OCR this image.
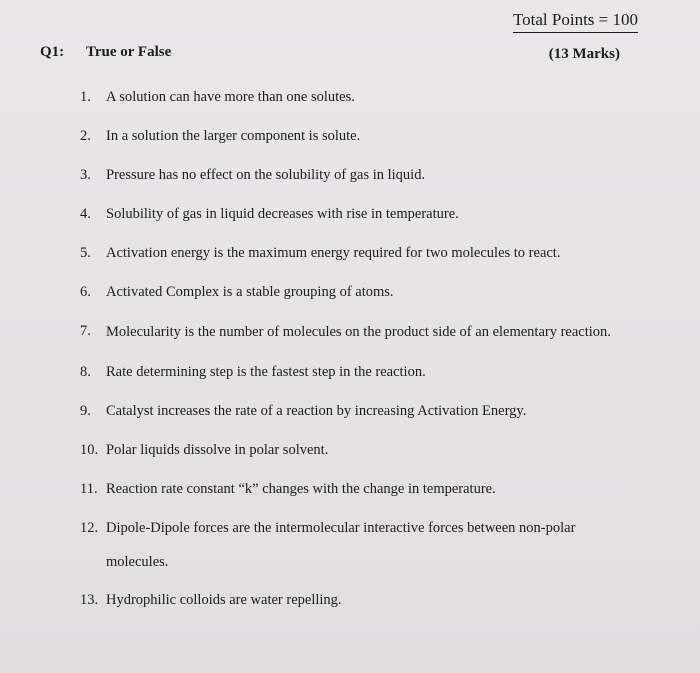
Total Points = 100
Q1: True or False	(13 Marks)
1.	A solution can have more than one solutes.
2.	In a solution the larger component is solute.
3.	Pressure has no effect on the solubility of gas in liquid.
4.	Solubility of gas in liquid decreases with rise in temperature.
5.	Activation energy is the maximum energy required for two molecules to react.
6.	Activated Complex is a stable grouping of atoms.
7.	Molecularity is the number of molecules on the product side of an elementary reaction.
8.	Rate determining step is the fastest step in the reaction.
9.	Catalyst increases the rate of a reaction by increasing Activation Energy.
10. Polar liquids dissolve in polar solvent.
11. Reaction rate constant “k” changes with the change in temperature.
12. Dipole-Dipole forces are the intermolecular interactive forces between non-polar molecules.
13. Hydrophilic colloids are water repelling.
